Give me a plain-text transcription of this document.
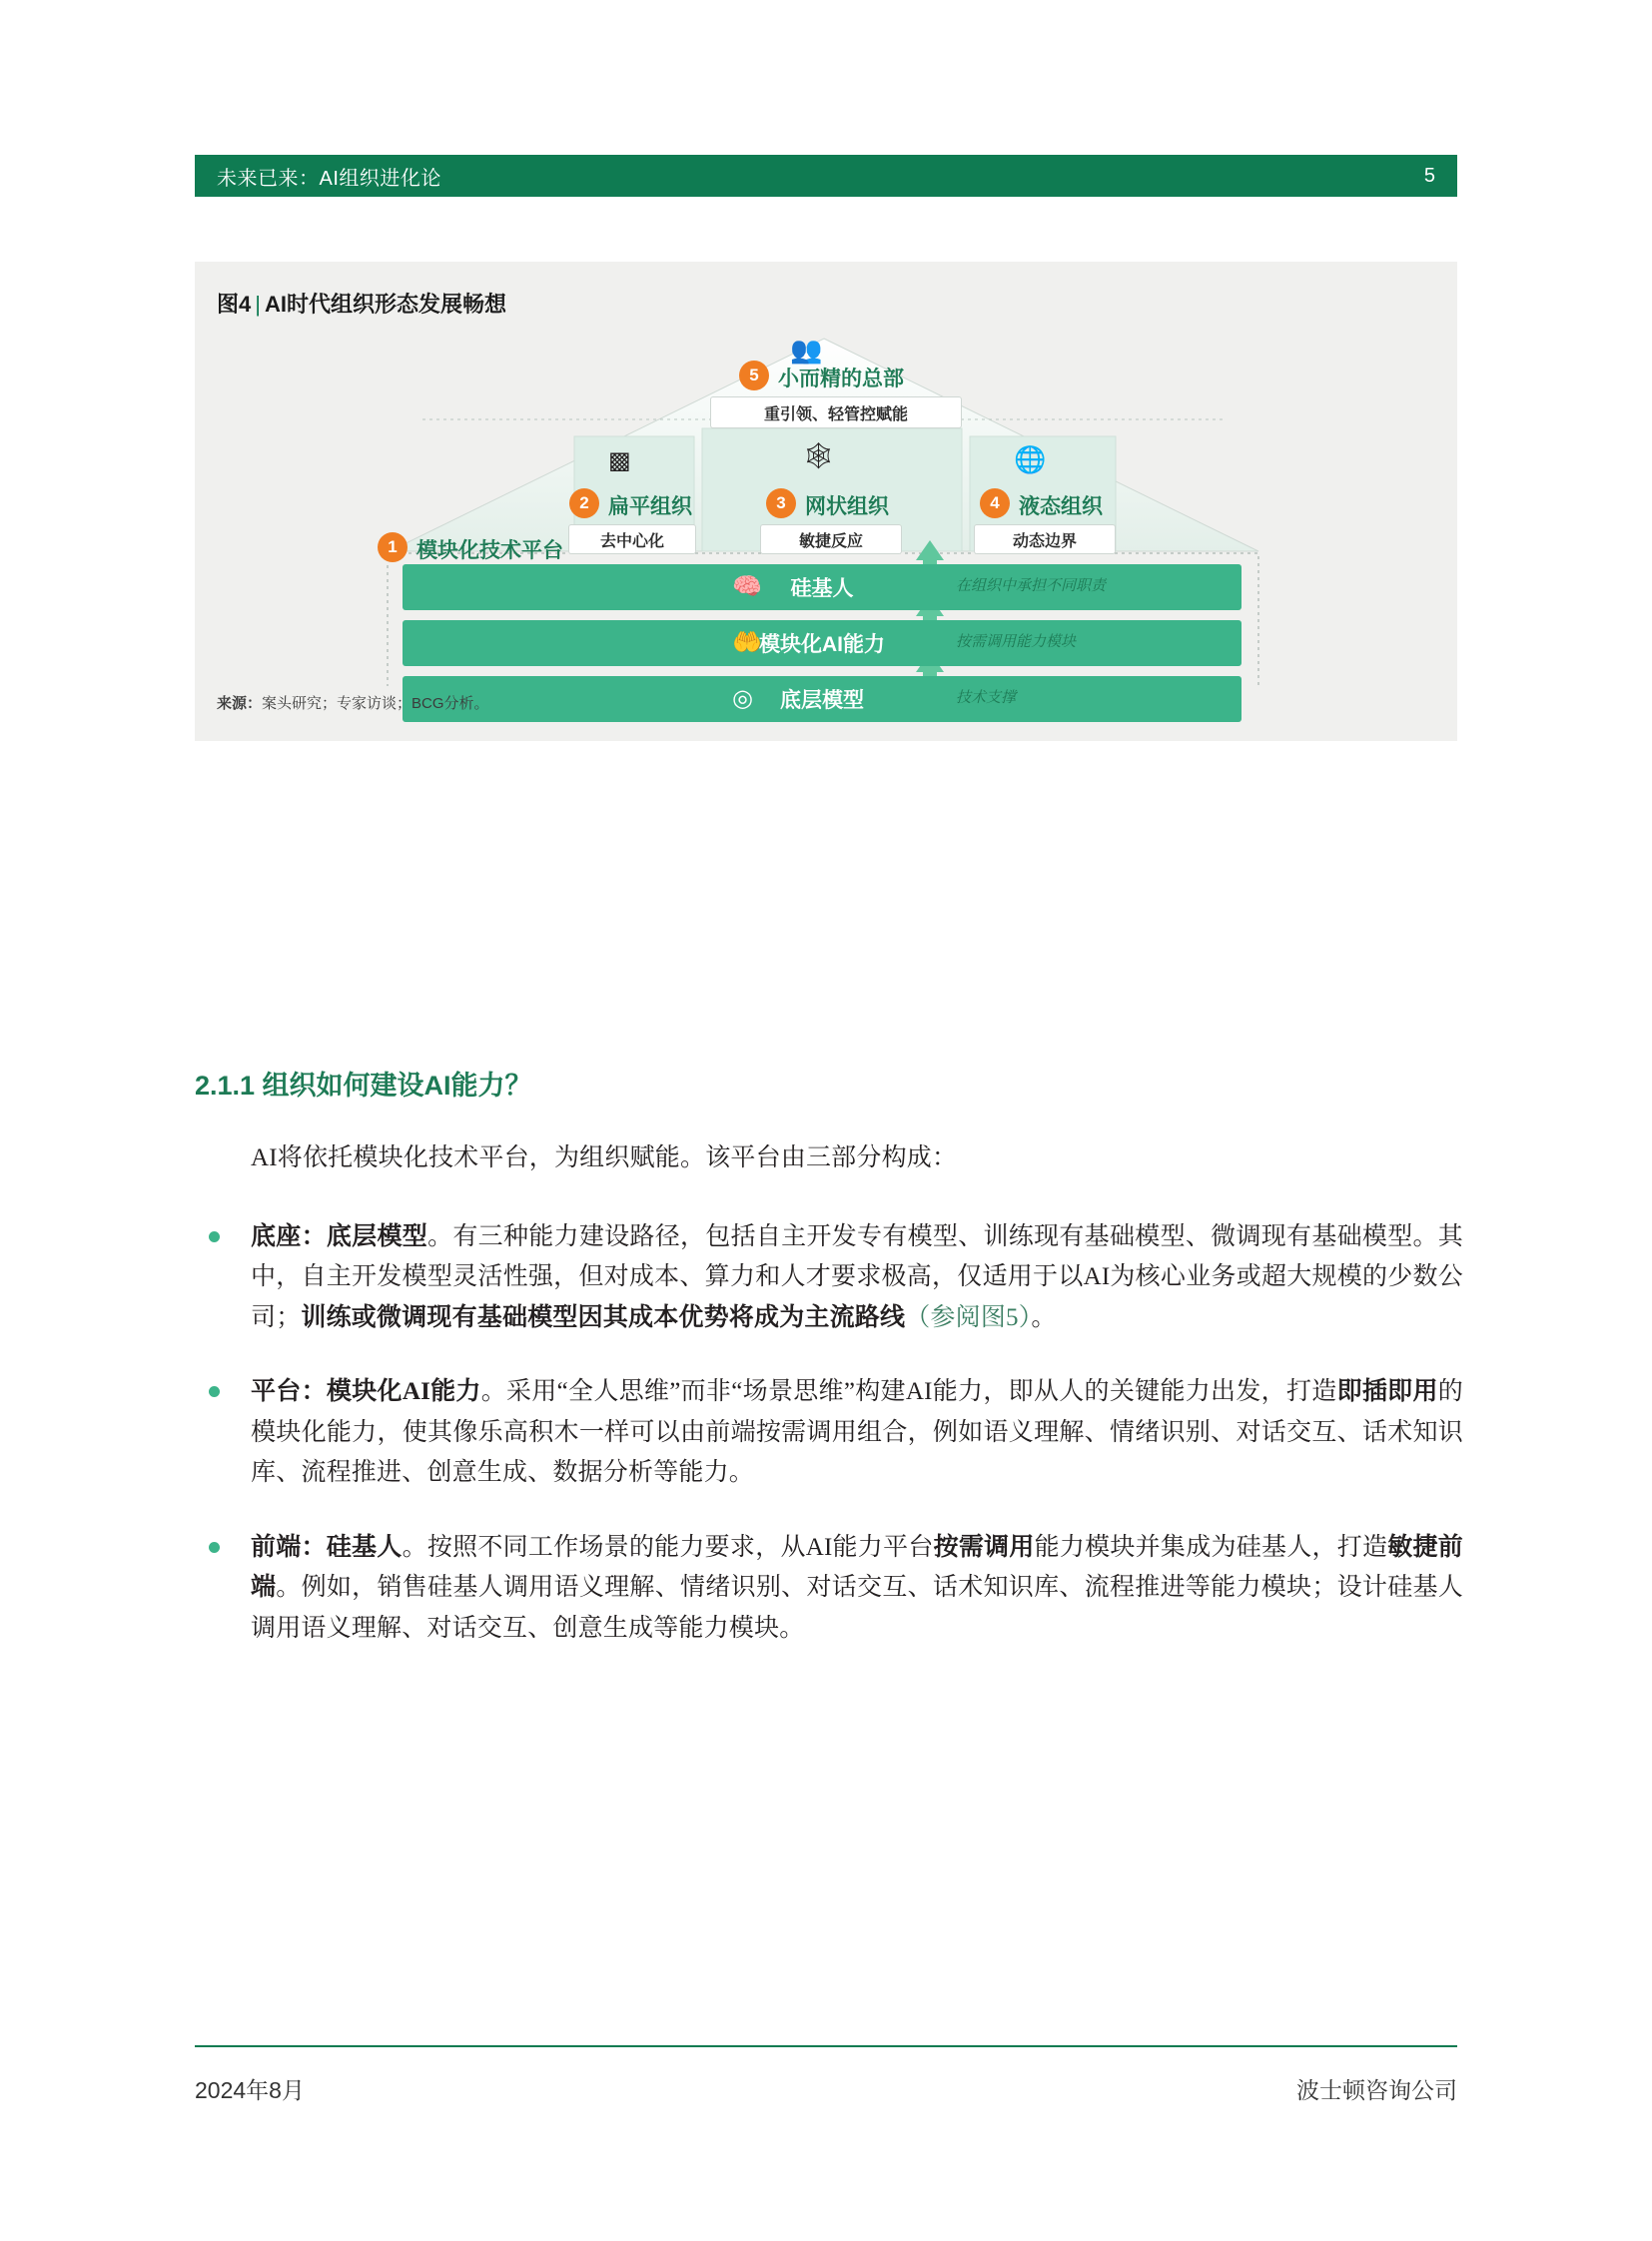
未来已来：AI组织进化论	5
图4 | AI时代组织形态发展畅想
👥
5 小而精的总部
重引领、轻管控赋能
▩
2 扁平组织
去中心化
🕸
3 网状组织
敏捷反应
🌐
4 液态组织
动态边界
1 模块化技术平台
🧠 硅基人	在组织中承担不同职责
🤲
模块化AI能力	按需调用能力模块
◎ 底层模型	技术支撑
来源：案头研究；专家访谈；BCG分析。
2.1.1 组织如何建设AI能力？

AI将依托模块化技术平台，为组织赋能。该平台由三部分构成：

底座：底层模型。有三种能力建设路径，包括自主开发专有模型、训练现有基础模型、微调现有基础模型。其中，自主开发模型灵活性强，但对成本、算力和人才要求极高，仅适用于以AI为核心业务或超大规模的少数公司；训练或微调现有基础模型因其成本优势将成为主流路线（参阅图5）。

平台：模块化AI能力。采用“全人思维”而非“场景思维”构建AI能力，即从人的关键能力出发，打造即插即用的模块化能力，使其像乐高积木一样可以由前端按需调用组合，例如语义理解、情绪识别、对话交互、话术知识库、流程推进、创意生成、数据分析等能力。

前端：硅基人。按照不同工作场景的能力要求，从AI能力平台按需调用能力模块并集成为硅基人，打造敏捷前端。例如，销售硅基人调用语义理解、情绪识别、对话交互、话术知识库、流程推进等能力模块；设计硅基人调用语义理解、对话交互、创意生成等能力模块。

2024年8月	波士顿咨询公司
